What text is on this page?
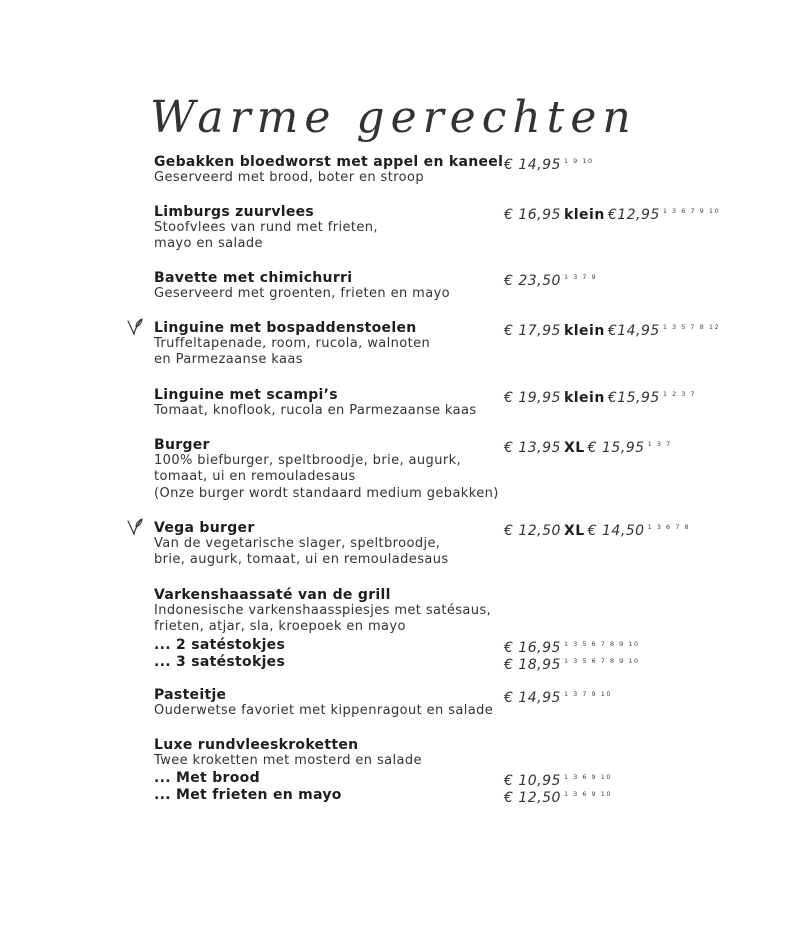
Warme gerechten
Gebakken bloedworst met appel en kaneel € 14,95 $^{1 9 10}$
Geserveerd met brood, boter en stroop
Limburgs zuurvlees	€ 16,95 klein €12,95 $^{1 3 6 7 9 10}$
Stoofvlees van rund met frieten,
mayo en salade
Bavette met chimichurri	€ 23,50 $^{1 3 7 9}$
Geserveerd met groenten, frieten en mayo
Linguine met bospaddenstoelen	€ 17,95 klein €14,95 $^{1 3 5 7 8 12}$
Truffeltapenade, room, rucola, walnoten
en Parmezaanse kaas
Linguine met scampi’s	€ 19,95 klein €15,95 $^{1 2 3 7}$
Tomaat, knoflook, rucola en Parmezaanse kaas
Burger	€ 13,95 XL € 15,95 $^{1 3 7}$
100% biefburger, speltbroodje, brie, augurk,
tomaat, ui en remouladesaus
(Onze burger wordt standaard medium gebakken)
Vega burger	€ 12,50 XL € 14,50 $^{1 3 6 7 8}$
Van de vegetarische slager, speltbroodje,
brie, augurk, tomaat, ui en remouladesaus
Varkenshaassaté van de grill
Indonesische varkenshaasspiesjes met satésaus,
frieten, atjar, sla, kroepoek en mayo
... 2 satéstokjes	€ 16,95 $^{1 3 5 6 7 8 9 10}$
... 3 satéstokjes	€ 18,95 $^{1 3 5 6 7 8 9 10}$
Pasteitje	€ 14,95 $^{1 3 7 9 10}$
Ouderwetse favoriet met kippenragout en salade
Luxe rundvleeskroketten
Twee kroketten met mosterd en salade
... Met brood	€ 10,95 $^{1 3 6 9 10}$
... Met frieten en mayo	€ 12,50 $^{1 3 6 9 10}$
